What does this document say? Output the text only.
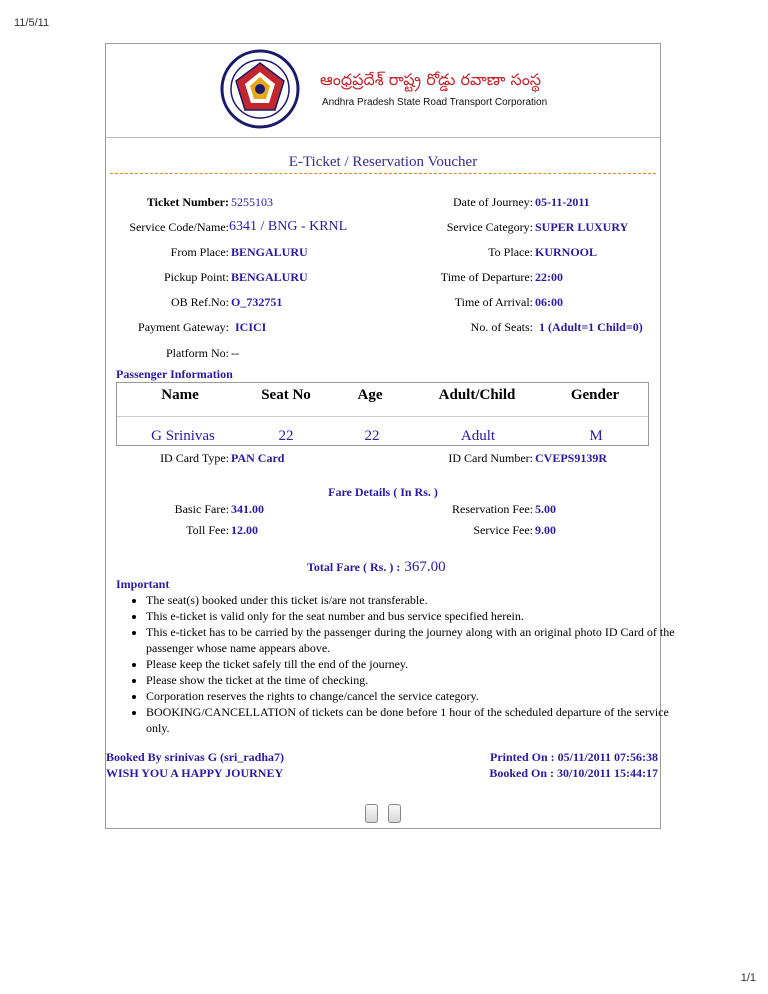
11/5/11
ఆంధ్రప్రదేశ్ రాష్ట్ర రోడ్డు రవాణా సంస్థ
Andhra Pradesh State Road Transport Corporation
E-Ticket / Reservation Voucher
Ticket Number: 5255103
Service Code/Name: 6341 / BNG - KRNL
From Place: BENGALURU
Pickup Point: BENGALURU
OB Ref.No: O_732751
Payment Gateway: ICICI
Platform No: --
Date of Journey: 05-11-2011
Service Category: SUPER LUXURY
To Place: KURNOOL
Time of Departure: 22:00
Time of Arrival: 06:00
No. of Seats: 1 (Adult=1 Child=0)
Passenger Information
Name	Seat No	Age	Adult/Child	Gender
G Srinivas	22	22	Adult	M
ID Card Type: PAN Card	ID Card Number: CVEPS9139R
Fare Details ( In Rs. )
Basic Fare: 341.00	Reservation Fee: 5.00
Toll Fee: 12.00	Service Fee: 9.00
Total Fare ( Rs. ) : 367.00
Important
• The seat(s) booked under this ticket is/are not transferable.
• This e-ticket is valid only for the seat number and bus service specified herein.
• This e-ticket has to be carried by the passenger during the journey along with an original photo ID Card of the passenger whose name appears above.
• Please keep the ticket safely till the end of the journey.
• Please show the ticket at the time of checking.
• Corporation reserves the rights to change/cancel the service category.
• BOOKING/CANCELLATION of tickets can be done before 1 hour of the scheduled departure of the service only.
Booked By srinivas G (sri_radha7)
WISH YOU A HAPPY JOURNEY
Printed On : 05/11/2011 07:56:38
Booked On : 30/10/2011 15:44:17
1/1
